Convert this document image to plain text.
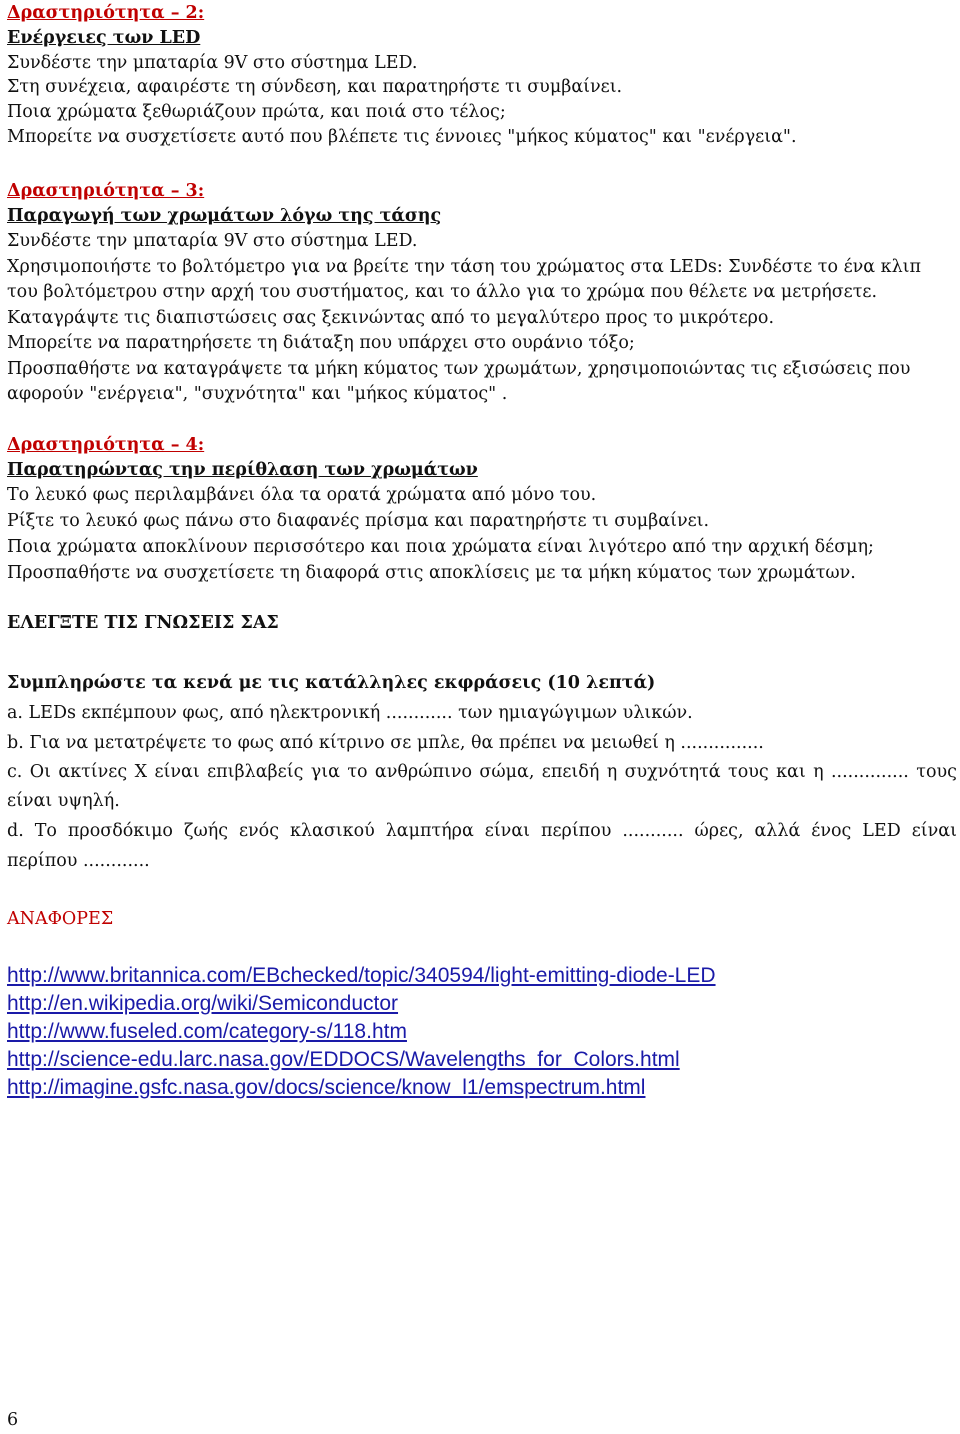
Δραστηριότητα – 2:
Ενέργειες των LED
Συνδέστε την μπαταρία 9V στο σύστημα LED.
Στη συνέχεια, αφαιρέστε τη σύνδεση, και παρατηρήστε τι συμβαίνει.
Ποια χρώματα ξεθωριάζουν πρώτα, και ποιά στο τέλος;
Μπορείτε να συσχετίσετε αυτό που βλέπετε τις έννοιες "μήκος κύματος" και "ενέργεια".
Δραστηριότητα – 3:
Παραγωγή των χρωμάτων λόγω της τάσης
Συνδέστε την μπαταρία 9V στο σύστημα LED.
Χρησιμοποιήστε το βολτόμετρο για να βρείτε την τάση του χρώματος στα LEDs: Συνδέστε το ένα κλιπ
του βολτόμετρου στην αρχή του συστήματος, και το άλλο για το χρώμα που θέλετε να μετρήσετε.
Καταγράψτε τις διαπιστώσεις σας ξεκινώντας από το μεγαλύτερο προς το μικρότερο.
Μπορείτε να παρατηρήσετε τη διάταξη που υπάρχει στο ουράνιο τόξο;
Προσπαθήστε να καταγράψετε τα μήκη κύματος των χρωμάτων, χρησιμοποιώντας τις εξισώσεις που
αφορούν "ενέργεια", "συχνότητα" και "μήκος κύματος" .
Δραστηριότητα – 4:
Παρατηρώντας την περίθλαση των χρωμάτων
Το λευκό φως περιλαμβάνει όλα τα ορατά χρώματα από μόνο του.
Ρίξτε το λευκό φως πάνω στο διαφανές πρίσμα και παρατηρήστε τι συμβαίνει.
Ποια χρώματα αποκλίνουν περισσότερο και ποια χρώματα είναι λιγότερο από την αρχική δέσμη;
Προσπαθήστε να συσχετίσετε τη διαφορά στις αποκλίσεις με τα μήκη κύματος των χρωμάτων.
ΕΛΕΓΞΤΕ ΤΙΣ ΓΝΩΣΕΙΣ ΣΑΣ
Συμπληρώστε τα κενά με τις κατάλληλες εκφράσεις (10 λεπτά)
a. LEDs εκπέμπουν φως, από ηλεκτρονική ............ των ημιαγώγιμων υλικών.
b. Για να μετατρέψετε το φως από κίτρινο σε μπλε, θα πρέπει να μειωθεί η ...............
c. Οι ακτίνες Χ είναι επιβλαβείς για το ανθρώπινο σώμα, επειδή η συχνότητά τους και η .............. τους
είναι υψηλή.
d. Το προσδόκιμο ζωής ενός κλασικού λαμπτήρα είναι περίπου ........... ώρες, αλλά ένος LED είναι
περίπου ............
ΑΝΑΦΟΡΕΣ
http://www.britannica.com/EBchecked/topic/340594/light-emitting-diode-LED
http://en.wikipedia.org/wiki/Semiconductor
http://www.fuseled.com/category-s/118.htm
http://science-edu.larc.nasa.gov/EDDOCS/Wavelengths_for_Colors.html
http://imagine.gsfc.nasa.gov/docs/science/know_l1/emspectrum.html
6
